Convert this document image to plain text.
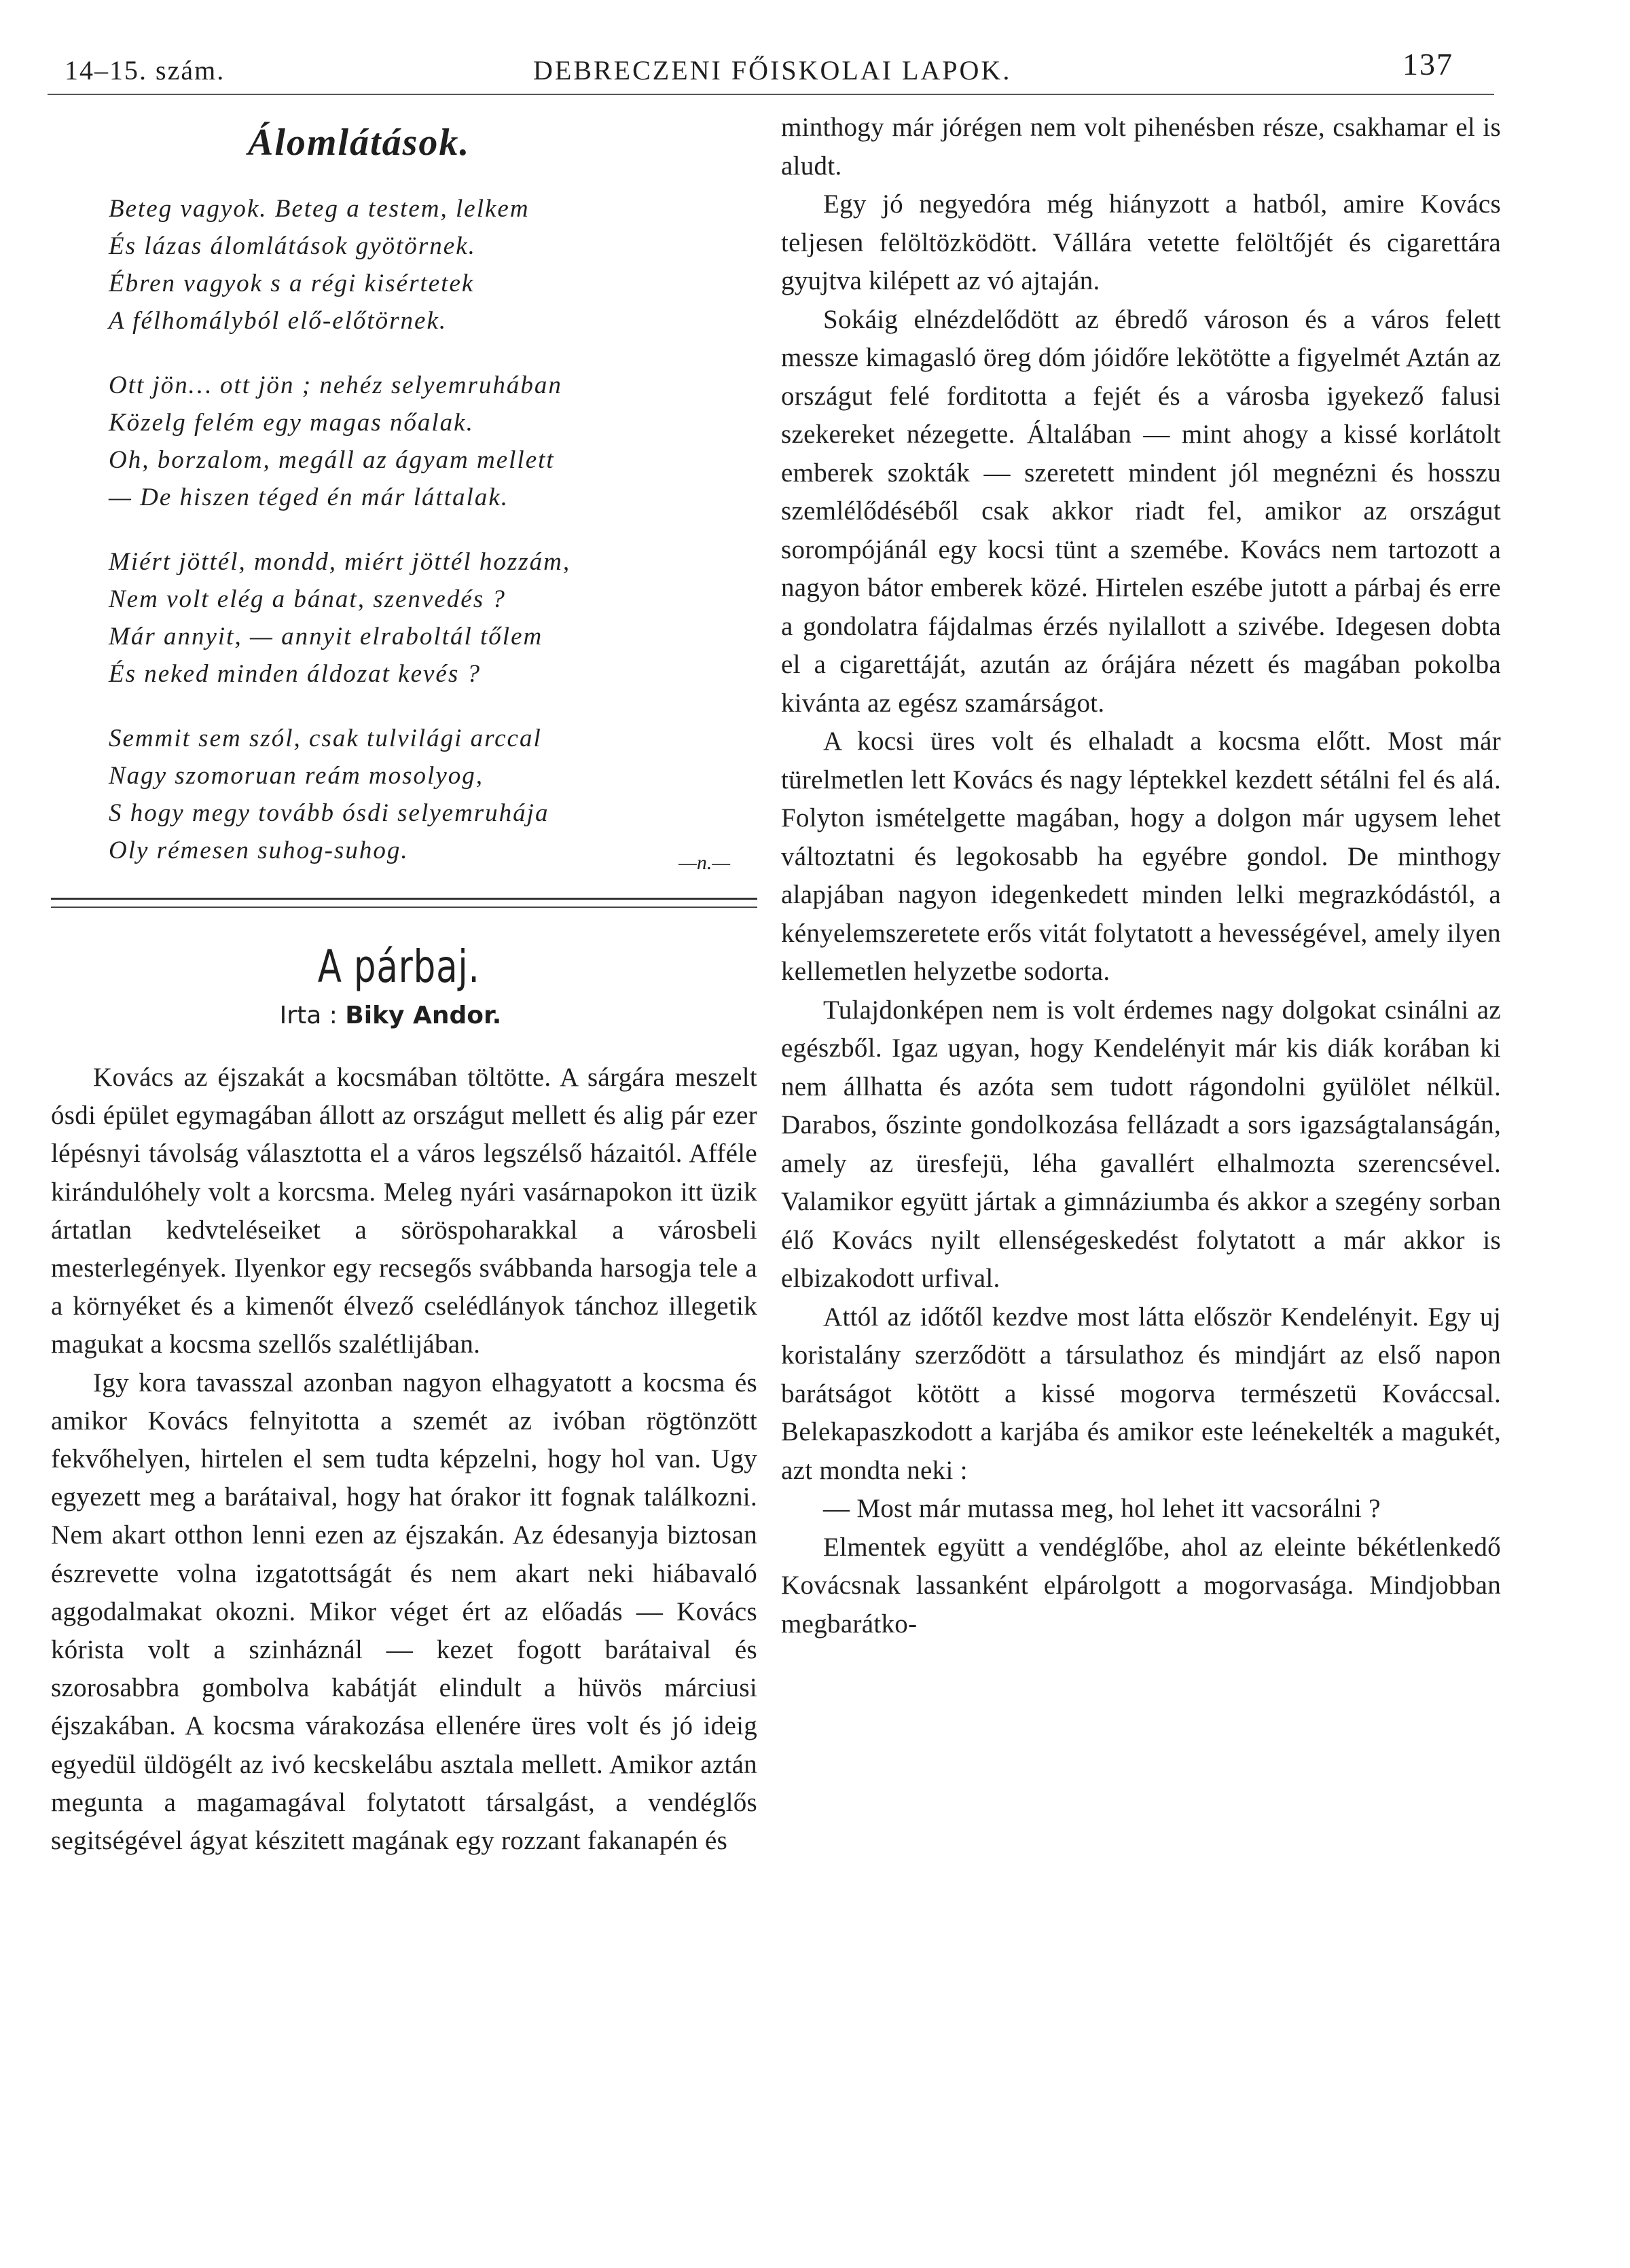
14–15. szám.	DEBRECZENI FŐISKOLAI LAPOK.	137
Álomlátások.
Beteg vagyok. Beteg a testem, lelkem
És lázas álomlátások gyötörnek.
Ébren vagyok s a régi kisértetek
A félhomályból elő-előtörnek.
Ott jön… ott jön ; nehéz selyemruhában
Közelg felém egy magas nőalak.
Oh, borzalom, megáll az ágyam mellett
— De hiszen téged én már láttalak.
Miért jöttél, mondd, miért jöttél hozzám,
Nem volt elég a bánat, szenvedés ?
Már annyit, — annyit elraboltál tőlem
És neked minden áldozat kevés ?
Semmit sem szól, csak tulvilági arccal
Nagy szomoruan reám mosolyog,
S hogy megy tovább ósdi selyemruhája
Oly rémesen suhog-suhog.	—n.—
A párbaj.
Irta : Biky Andor.

Kovács az éjszakát a kocsmában töltötte. A sárgára meszelt ósdi épület egymagában állott az országut mellett és alig pár ezer lépésnyi távolság választotta el a város legszélső házaitól. Afféle kirándulóhely volt a korcsma. Meleg nyári vasárnapokon itt üzik ártatlan kedvteléseiket a söröspoharakkal a városbeli mesterlegények. Ilyenkor egy recsegős svábbanda harsogja tele a a környéket és a kimenőt élvező cselédlányok tánchoz illegetik magukat a kocsma szellős szalétlijában.

Igy kora tavasszal azonban nagyon elhagyatott a kocsma és amikor Kovács felnyitotta a szemét az ivóban rögtönzött fekvőhelyen, hirtelen el sem tudta képzelni, hogy hol van. Ugy egyezett meg a barátaival, hogy hat órakor itt fognak találkozni. Nem akart otthon lenni ezen az éjszakán. Az édesanyja biztosan észrevette volna izgatottságát és nem akart neki hiábavaló aggodalmakat okozni. Mikor véget ért az előadás — Kovács kórista volt a szinháznál — kezet fogott barátaival és szorosabbra gombolva kabátját elindult a hüvös márciusi éjszakában. A kocsma várakozása ellenére üres volt és jó ideig egyedül üldögélt az ivó kecskelábu asztala mellett. Amikor aztán megunta a magamagával folytatott társalgást, a vendéglős segitségével ágyat készitett magának egy rozzant fakanapén és

minthogy már jórégen nem volt pihenésben része, csakhamar el is aludt.

Egy jó negyedóra még hiányzott a hatból, amire Kovács teljesen felöltözködött. Vállára vetette felöltőjét és cigarettára gyujtva kilépett az vó ajtaján.

Sokáig elnézdelődött az ébredő városon és a város felett messze kimagasló öreg dóm jóidőre lekötötte a figyelmét Aztán az országut felé forditotta a fejét és a városba igyekező falusi szekereket nézegette. Általában — mint ahogy a kissé korlátolt emberek szokták — szeretett mindent jól megnézni és hosszu szemlélődéséből csak akkor riadt fel, amikor az országut sorompójánál egy kocsi tünt a szemébe. Kovács nem tartozott a nagyon bátor emberek közé. Hirtelen eszébe jutott a párbaj és erre a gondolatra fájdalmas érzés nyilallott a szivébe. Idegesen dobta el a cigarettáját, azután az órájára nézett és magában pokolba kivánta az egész szamárságot.

A kocsi üres volt és elhaladt a kocsma előtt. Most már türelmetlen lett Kovács és nagy léptekkel kezdett sétálni fel és alá. Folyton ismételgette magában, hogy a dolgon már ugysem lehet változtatni és legokosabb ha egyébre gondol. De minthogy alapjában nagyon idegenkedett minden lelki megrazkódástól, a kényelemszeretete erős vitát folytatott a hevességével, amely ilyen kellemetlen helyzetbe sodorta.

Tulajdonképen nem is volt érdemes nagy dolgokat csinálni az egészből. Igaz ugyan, hogy Kendelényit már kis diák korában ki nem állhatta és azóta sem tudott rágondolni gyülölet nélkül. Darabos, őszinte gondolkozása fellázadt a sors igazságtalanságán, amely az üresfejü, léha gavallért elhalmozta szerencsével. Valamikor együtt jártak a gimnáziumba és akkor a szegény sorban élő Kovács nyilt ellenségeskedést folytatott a már akkor is elbizakodott urfival.

Attól az időtől kezdve most látta először Kendelényit. Egy uj koristalány szerződött a társulathoz és mindjárt az első napon barátságot kötött a kissé mogorva természetü Kováccsal. Belekapaszkodott a karjába és amikor este leénekelték a magukét, azt mondta neki :

— Most már mutassa meg, hol lehet itt vacsorálni ?

Elmentek együtt a vendéglőbe, ahol az eleinte békétlenkedő Kovácsnak lassanként elpárolgott a mogorvasága. Mindjobban megbarátko-
